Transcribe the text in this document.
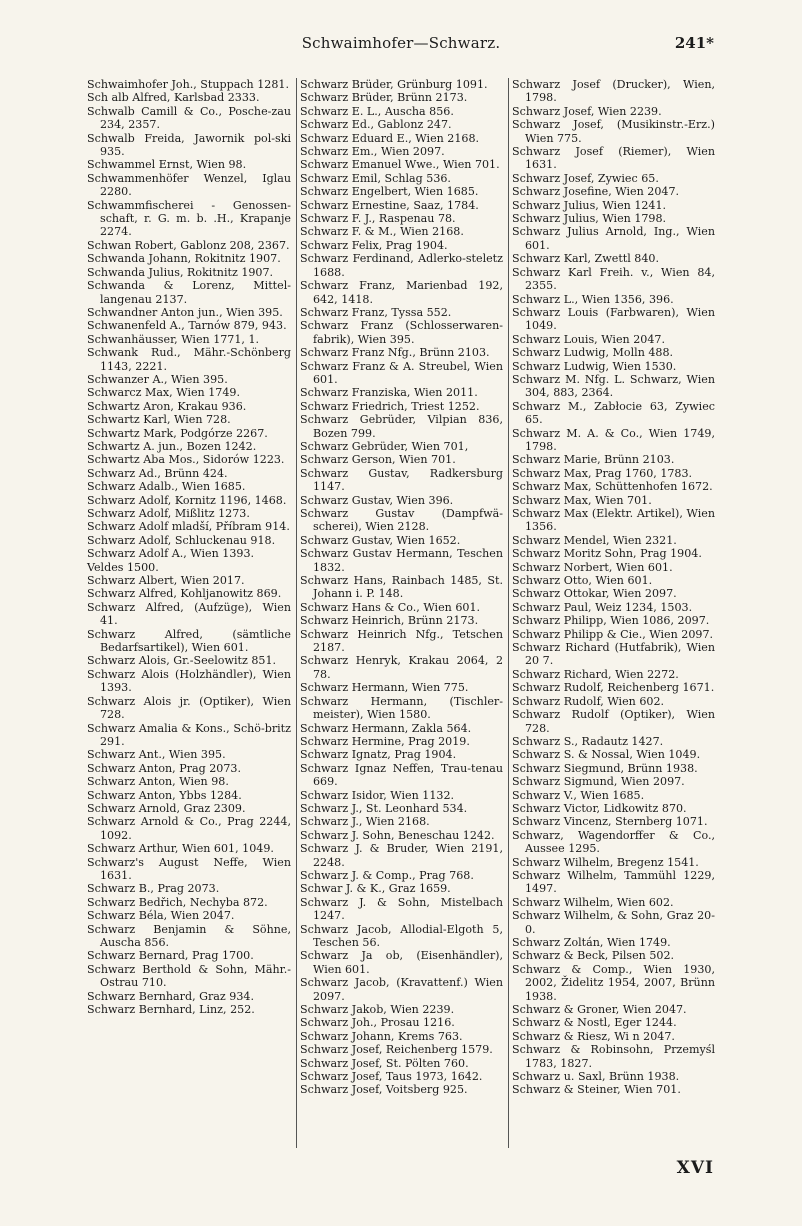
Schwaimhofer—Schwarz.	241*

Schwaimhofer Joh., Stuppach 1281.

Sch alb Alfred, Karlsbad 2333.

Schwalb Camill & Co., Posche-zau 234, 2357.

Schwalb Freida, Jawornik pol-ski 935.

Schwammel Ernst, Wien 98.

Schwammenhöfer Wenzel, Iglau 2280.

Schwammfischerei - Genossen-schaft, r. G. m. b. .H., Krapanje 2274.

Schwan Robert, Gablonz 208, 2367.

Schwanda Johann, Rokitnitz 1907.

Schwanda Julius, Rokitnitz 1907.

Schwanda & Lorenz, Mittel-langenau 2137.

Schwandner Anton jun., Wien 395.

Schwanenfeld A., Tarnów 879, 943.

Schwanhäusser, Wien 1771, 1.

Schwank Rud., Mähr.-Schönberg 1143, 2221.

Schwanzer A., Wien 395.

Schwarcz Max, Wien 1749.

Schwartz Aron, Krakau 936.

Schwartz Karl, Wien 728.

Schwartz Mark, Podgórze 2267.

Schwartz A. jun., Bozen 1242.

Schwartz Aba Mos., Sidorów 1223.

Schwarz Ad., Brünn 424.

Schwarz Adalb., Wien 1685.

Schwarz Adolf, Kornitz 1196, 1468.

Schwarz Adolf, Mißlitz 1273.

Schwarz Adolf mladší, Příbram 914.

Schwarz Adolf, Schluckenau 918.

Schwarz Adolf A., Wien 1393.

Veldes 1500.

Schwarz Albert, Wien 2017.

Schwarz Alfred, Kohljanowitz 869.

Schwarz Alfred, (Aufzüge), Wien 41.

Schwarz Alfred, (sämtliche Bedarfsartikel), Wien 601.

Schwarz Alois, Gr.-Seelowitz 851.

Schwarz Alois (Holzhändler), Wien 1393.

Schwarz Alois jr. (Optiker), Wien 728.

Schwarz Amalia & Kons., Schö-britz 291.

Schwarz Ant., Wien 395.

Schwarz Anton, Prag 2073.

Schwarz Anton, Wien 98.

Schwarz Anton, Ybbs 1284.

Schwarz Arnold, Graz 2309.

Schwarz Arnold & Co., Prag 2244, 1092.

Schwarz Arthur, Wien 601, 1049.

Schwarz's August Neffe, Wien 1631.

Schwarz B., Prag 2073.

Schwarz Bedřich, Nechyba 872.

Schwarz Béla, Wien 2047.

Schwarz Benjamin & Söhne, Auscha 856.

Schwarz Bernard, Prag 1700.

Schwarz Berthold & Sohn, Mähr.-Ostrau 710.

Schwarz Bernhard, Graz 934.

Schwarz Bernhard, Linz, 252.

Schwarz Brüder, Grünburg 1091.

Schwarz Brüder, Brünn 2173.

Schwarz E. L., Auscha 856.

Schwarz Ed., Gablonz 247.

Schwarz Eduard E., Wien 2168.

Schwarz Em., Wien 2097.

Schwarz Emanuel Wwe., Wien 701.

Schwarz Emil, Schlag 536.

Schwarz Engelbert, Wien 1685.

Schwarz Ernestine, Saaz, 1784.

Schwarz F. J., Raspenau 78.

Schwarz F. & M., Wien 2168.

Schwarz Felix, Prag 1904.

Schwarz Ferdinand, Adlerko-steletz 1688.

Schwarz Franz, Marienbad 192, 642, 1418.

Schwarz Franz, Tyssa 552.

Schwarz Franz (Schlosserwaren-fabrik), Wien 395.

Schwarz Franz Nfg., Brünn 2103.

Schwarz Franz & A. Streubel, Wien 601.

Schwarz Franziska, Wien 2011.

Schwarz Friedrich, Triest 1252.

Schwarz Gebrüder, Vilpian 836, Bozen 799.

Schwarz Gebrüder, Wien 701,

Schwarz Gerson, Wien 701.

Schwarz Gustav, Radkersburg 1147.

Schwarz Gustav, Wien 396.

Schwarz Gustav (Dampfwä-scherei), Wien 2128.

Schwarz Gustav, Wien 1652.

Schwarz Gustav Hermann, Teschen 1832.

Schwarz Hans, Rainbach 1485, St. Johann i. P. 148.

Schwarz Hans & Co., Wien 601.

Schwarz Heinrich, Brünn 2173.

Schwarz Heinrich Nfg., Tetschen 2187.

Schwarz Henryk, Krakau 2064, 2 78.

Schwarz Hermann, Wien 775.

Schwarz Hermann, (Tischler-meister), Wien 1580.

Schwarz Hermann, Zakla 564.

Schwarz Hermine, Prag 2019.

Schwarz Ignatz, Prag 1904.

Schwarz Ignaz Neffen, Trau-tenau 669.

Schwarz Isidor, Wien 1132.

Schwarz J., St. Leonhard 534.

Schwarz J., Wien 2168.

Schwarz J. Sohn, Beneschau 1242.

Schwarz J. & Bruder, Wien 2191, 2248.

Schwarz J. & Comp., Prag 768.

Schwar J. & K., Graz 1659.

Schwarz J. & Sohn, Mistelbach 1247.

Schwarz Jacob, Allodial-Elgoth 5, Teschen 56.

Schwarz Ja ob, (Eisenhändler), Wien 601.

Schwarz Jacob, (Kravattenf.) Wien 2097.

Schwarz Jakob, Wien 2239.

Schwarz Joh., Prosau 1216.

Schwarz Johann, Krems 763.

Schwarz Josef, Reichenberg 1579.

Schwarz Josef, St. Pölten 760.

Schwarz Josef, Taus 1973, 1642.

Schwarz Josef, Voitsberg 925.

Schwarz Josef (Drucker), Wien, 1798.

Schwarz Josef, Wien 2239.

Schwarz Josef, (Musikinstr.-Erz.) Wien 775.

Schwarz Josef (Riemer), Wien 1631.

Schwarz Josef, Zywiec 65.

Schwarz Josefine, Wien 2047.

Schwarz Julius, Wien 1241.

Schwarz Julius, Wien 1798.

Schwarz Julius Arnold, Ing., Wien 601.

Schwarz Karl, Zwettl 840.

Schwarz Karl Freih. v., Wien 84, 2355.

Schwarz L., Wien 1356, 396.

Schwarz Louis (Farbwaren), Wien 1049.

Schwarz Louis, Wien 2047.

Schwarz Ludwig, Molln 488.

Schwarz Ludwig, Wien 1530.

Schwarz M. Nfg. L. Schwarz, Wien 304, 883, 2364.

Schwarz M., Zabłocie 63, Zywiec 65.

Schwarz M. A. & Co., Wien 1749, 1798.

Schwarz Marie, Brünn 2103.

Schwarz Max, Prag 1760, 1783.

Schwarz Max, Schüttenhofen 1672.

Schwarz Max, Wien 701.

Schwarz Max (Elektr. Artikel), Wien 1356.

Schwarz Mendel, Wien 2321.

Schwarz Moritz Sohn, Prag 1904.

Schwarz Norbert, Wien 601.

Schwarz Otto, Wien 601.

Schwarz Ottokar, Wien 2097.

Schwarz Paul, Weiz 1234, 1503.

Schwarz Philipp, Wien 1086, 2097.

Schwarz Philipp & Cie., Wien 2097.

Schwarz Richard (Hutfabrik), Wien 20 7.

Schwarz Richard, Wien 2272.

Schwarz Rudolf, Reichenberg 1671.

Schwarz Rudolf, Wien 602.

Schwarz Rudolf (Optiker), Wien 728.

Schwarz S., Radautz 1427.

Schwarz S. & Nossal, Wien 1049.

Schwarz Siegmund, Brünn 1938.

Schwarz Sigmund, Wien 2097.

Schwarz V., Wien 1685.

Schwarz Victor, Lidkowitz 870.

Schwarz Vincenz, Sternberg 1071.

Schwarz, Wagendorffer & Co., Aussee 1295.

Schwarz Wilhelm, Bregenz 1541.

Schwarz Wilhelm, Tammühl 1229, 1497.

Schwarz Wilhelm, Wien 602.

Schwarz Wilhelm, & Sohn, Graz 20-0.

Schwarz Zoltán, Wien 1749.

Schwarz & Beck, Pilsen 502.

Schwarz & Comp., Wien 1930, 2002, Židelitz 1954, 2007, Brünn 1938.

Schwarz & Groner, Wien 2047.

Schwarz & Nostl, Eger 1244.

Schwarz & Riesz, Wi n 2047.

Schwarz & Robinsohn, Przemyśl 1783, 1827.

Schwarz u. Saxl, Brünn 1938.

Schwarz & Steiner, Wien 701.

XVI
